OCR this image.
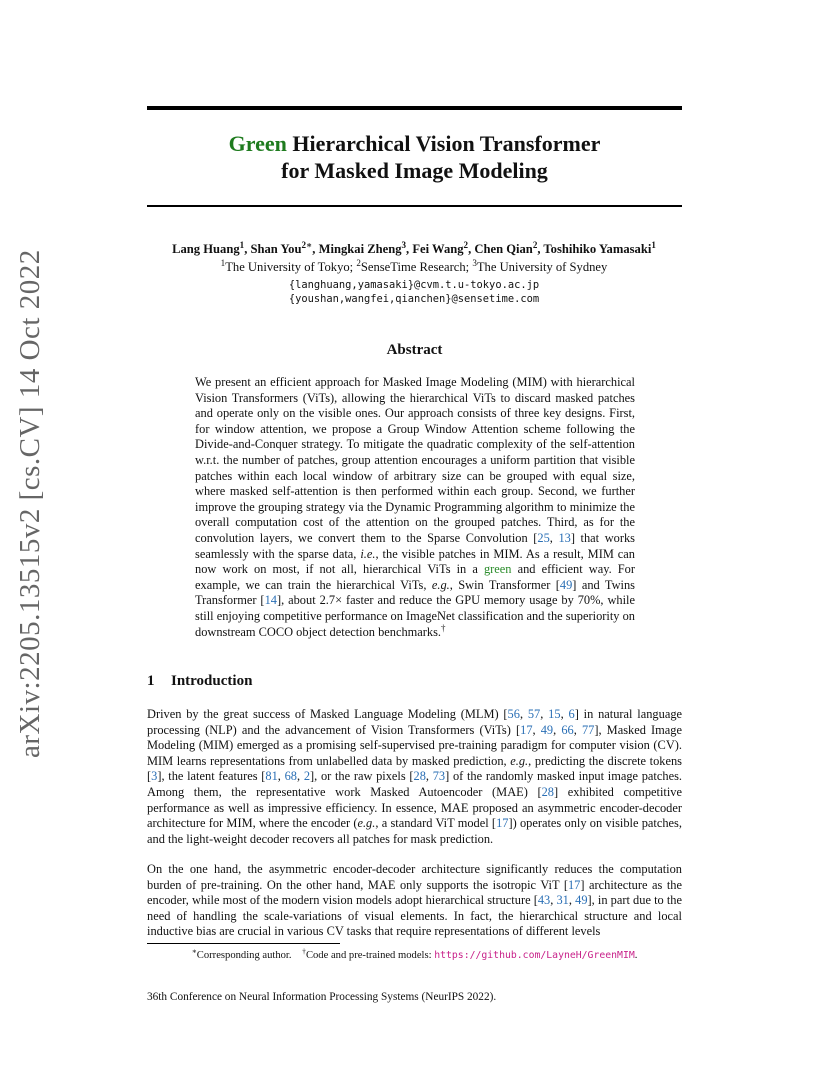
Green Hierarchical Vision Transformer
for Masked Image Modeling
arXiv:2205.13515v2 [cs.CV] 14 Oct 2022
Lang Huang$^1$, Shan You$^{2∗}$, Mingkai Zheng$^3$, Fei Wang$^2$, Chen Qian$^2$, Toshihiko Yamasaki$^1$
$^1$The University of Tokyo; $^2$SenseTime Research; $^3$The University of Sydney
{langhuang,yamasaki}@cvm.t.u-tokyo.ac.jp
{youshan,wangfei,qianchen}@sensetime.com
Abstract
We present an efficient approach for Masked Image Modeling (MIM) with hierarchical Vision Transformers (ViTs), allowing the hierarchical ViTs to discard masked patches and operate only on the visible ones. Our approach consists of three key designs. First, for window attention, we propose a Group Window Attention scheme following the Divide-and-Conquer strategy. To mitigate the quadratic complexity of the self-attention w.r.t. the number of patches, group attention encourages a uniform partition that visible patches within each local window of arbitrary size can be grouped with equal size, where masked self-attention is then performed within each group. Second, we further improve the grouping strategy via the Dynamic Programming algorithm to minimize the overall computation cost of the attention on the grouped patches. Third, as for the convolution layers, we convert them to the Sparse Convolution [25, 13] that works seamlessly with the sparse data, i.e., the visible patches in MIM. As a result, MIM can now work on most, if not all, hierarchical ViTs in a green and efficient way. For example, we can train the hierarchical ViTs, e.g., Swin Transformer [49] and Twins Transformer [14], about 2.7× faster and reduce the GPU memory usage by 70%, while still enjoying competitive performance on ImageNet classification and the superiority on downstream COCO object detection benchmarks.†
1 Introduction
Driven by the great success of Masked Language Modeling (MLM) [56, 57, 15, 6] in natural language processing (NLP) and the advancement of Vision Transformers (ViTs) [17, 49, 66, 77], Masked Image Modeling (MIM) emerged as a promising self-supervised pre-training paradigm for computer vision (CV). MIM learns representations from unlabelled data by masked prediction, e.g., predicting the discrete tokens [3], the latent features [81, 68, 2], or the raw pixels [28, 73] of the randomly masked input image patches. Among them, the representative work Masked Autoencoder (MAE) [28] exhibited competitive performance as well as impressive efficiency. In essence, MAE proposed an asymmetric encoder-decoder architecture for MIM, where the encoder (e.g., a standard ViT model [17]) operates only on visible patches, and the light-weight decoder recovers all patches for mask prediction.
On the one hand, the asymmetric encoder-decoder architecture significantly reduces the computation burden of pre-training. On the other hand, MAE only supports the isotropic ViT [17] architecture as the encoder, while most of the modern vision models adopt hierarchical structure [43, 31, 49], in part due to the need of handling the scale-variations of visual elements. In fact, the hierarchical structure and local inductive bias are crucial in various CV tasks that require representations of different levels
∗Corresponding author. †Code and pre-trained models: https://github.com/LayneH/GreenMIM.
36th Conference on Neural Information Processing Systems (NeurIPS 2022).
